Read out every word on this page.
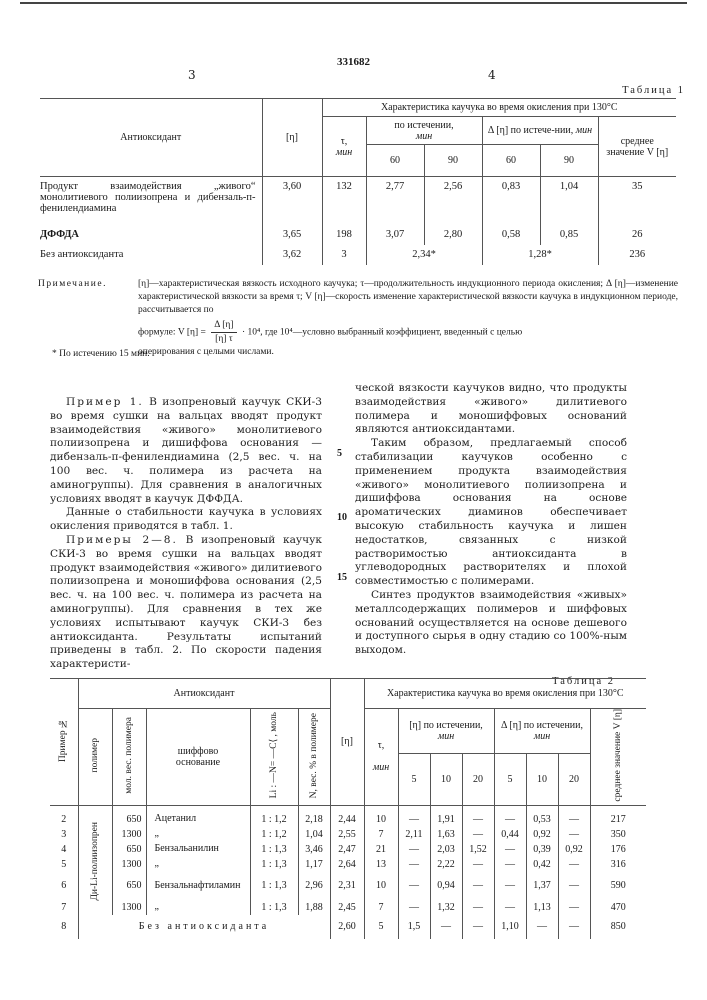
331682
3	4
Таблица 1
Антиоксидант	[η]	Характеристика каучука во время окисления при 130°C					
		τ,
мин	по истечении,
мин		Δ [η] по истече-нии, мин		среднее значение V [η]
			60	90	60	90	
Продукт взаимодействия „живого“ монолитиевого полиизопрена и дибензаль-п-фенилендиамина	3,60	132	2,77	2,56	0,83	1,04	35
ДФФДА	3,65	198	3,07	2,80	0,58	0,85	26
Без антиоксиданта	3,62	3	2,34*		1,28*		236
Примечание.	[η]—характеристическая вязкость исходного каучука; τ—продолжительность индукционного периода окисления; Δ [η]—изменение характеристической вязкости за время τ; V [η]—скорость изменение характеристической вязкости каучука в индукционном периоде, рассчитывается по
формуле: V $[\eta] = \frac{\Delta [\eta]}{[\eta] \tau} \cdot 10^4$, где 10⁴—условно выбранный коэффициент, введенный с целью
оперирования с целыми числами.
* По истечению 15 мин.

Пример 1. В изопреновый каучук СКИ-3 во время сушки на вальцах вводят продукт взаимодействия «живого» монолитиевого полиизопрена и дишиффова основания — дибензаль-п-фенилендиамина (2,5 вес. ч. на 100 вес. ч. полимера из расчета на аминогруппы). Для сравнения в аналогичных условиях вводят в каучук ДФФДА.

Данные о стабильности каучука в условиях окисления приводятся в табл. 1.

Примеры 2—8. В изопреновый каучук СКИ-3 во время сушки на вальцах вводят продукт взаимодействия «живого» дилитиевого полиизопрена и моношиффова основания (2,5 вес. ч. на 100 вес. ч. полимера из расчета на аминогруппы). Для сравнения в тех же условиях испытывают каучук СКИ-3 без антиоксиданта. Результаты испытаний приведены в табл. 2. По скорости падения характеристи-

ческой вязкости каучуков видно, что продукты взаимодействия «живого» дилитиевого полимера и моношиффовых оснований являются антиоксидантами.

Таким образом, предлагаемый способ стабилизации каучуков особенно с применением продукта взаимодействия «живого» монолитиевого полиизопрена и дишиффова основания на основе ароматических диаминов обеспечивает высокую стабильность каучука и лишен недостатков, связанных с низкой растворимостью антиоксиданта в углеводородных растворителях и плохой совместимостью с полимерами.

Синтез продуктов взаимодействия «живых» металлсодержащих полимеров и шиффовых оснований осуществляется на основе дешевого и доступного сырья в одну стадию со 100%-ным выходом.

5
10
15
Таблица 2
Пример №	Антиоксидант					[η]	Характеристика каучука во время окисления при 130°C							
	полимер	мол. вес. полимера	шиффово основание	Li : —N= —C⟨ , моль	N, вес. % в полимере		τ,

мин	[η] по истечении,
мин			Δ [η] по истечении, мин			среднее значение V [η]
								5	10	20	5	10	20	
2	Ди-Li-полиизопрен	650	Ацетанил	1 : 1,2	2,18	2,44	10	—	1,91	—	—	0,53	—	217
3		1300	„	1 : 1,2	1,04	2,55	7	2,11	1,63	—	0,44	0,92	—	350
4		650	Бензальанилин	1 : 1,3	3,46	2,47	21	—	2,03	1,52	—	0,39	0,92	176
5		1300	„	1 : 1,3	1,17	2,64	13	—	2,22	—	—	0,42	—	316
6		650	Бензальнафтиламин	1 : 1,3	2,96	2,31	10	—	0,94	—	—	1,37	—	590
7		1300	„	1 : 1,3	1,88	2,45	7	—	1,32	—	—	1,13	—	470
8	Без антиоксиданта					2,60	5	1,5	—	—	1,10	—	—	850
